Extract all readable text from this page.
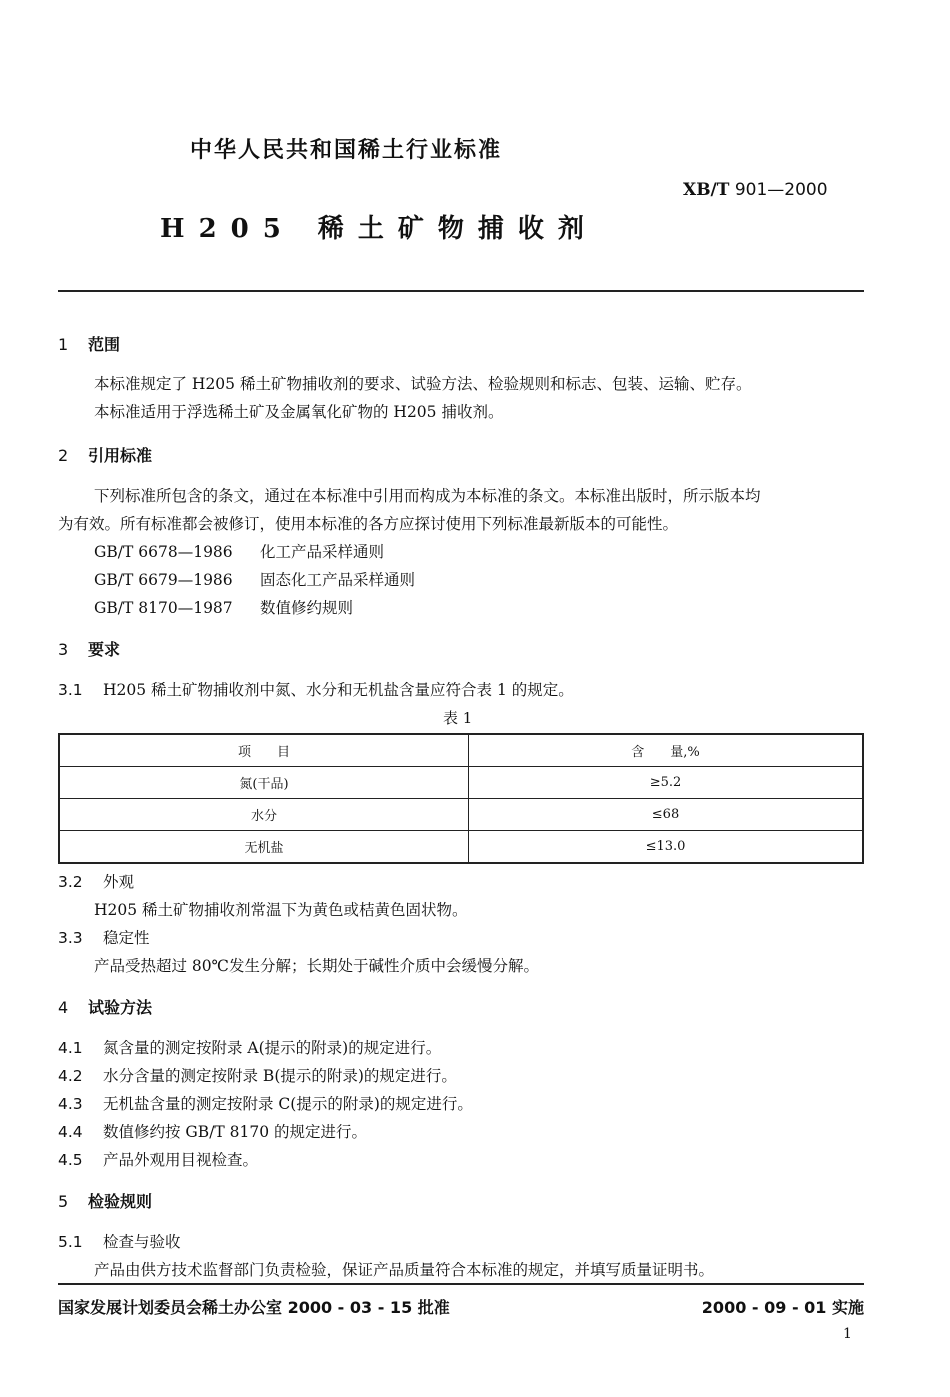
中华人民共和国稀土行业标准
XB/T 901—2000
H205 稀土矿物捕收剂
1 范围
本标准规定了 H205 稀土矿物捕收剂的要求、试验方法、检验规则和标志、包装、运输、贮存。
本标准适用于浮选稀土矿及金属氧化矿物的 H205 捕收剂。
2 引用标准
下列标准所包含的条文，通过在本标准中引用而构成为本标准的条文。本标准出版时，所示版本均
为有效。所有标准都会被修订，使用本标准的各方应探讨使用下列标准最新版本的可能性。
GB/T 6678—1986 化工产品采样通则
GB/T 6679—1986 固态化工产品采样通则
GB/T 8170—1987 数值修约规则
3 要求
3.1 H205 稀土矿物捕收剂中氮、水分和无机盐含量应符合表 1 的规定。
表 1
项　　目	含　　量,%
氮(干品)	≥5.2
水分	≤68
无机盐	≤13.0
3.2 外观
H205 稀土矿物捕收剂常温下为黄色或桔黄色固状物。
3.3 稳定性
产品受热超过 80℃发生分解；长期处于碱性介质中会缓慢分解。
4 试验方法
4.1 氮含量的测定按附录 A(提示的附录)的规定进行。
4.2 水分含量的测定按附录 B(提示的附录)的规定进行。
4.3 无机盐含量的测定按附录 C(提示的附录)的规定进行。
4.4 数值修约按 GB/T 8170 的规定进行。
4.5 产品外观用目视检查。
5 检验规则
5.1 检查与验收
产品由供方技术监督部门负责检验，保证产品质量符合本标准的规定，并填写质量证明书。
国家发展计划委员会稀土办公室 2000 - 03 - 15 批准	2000 - 09 - 01 实施
1
